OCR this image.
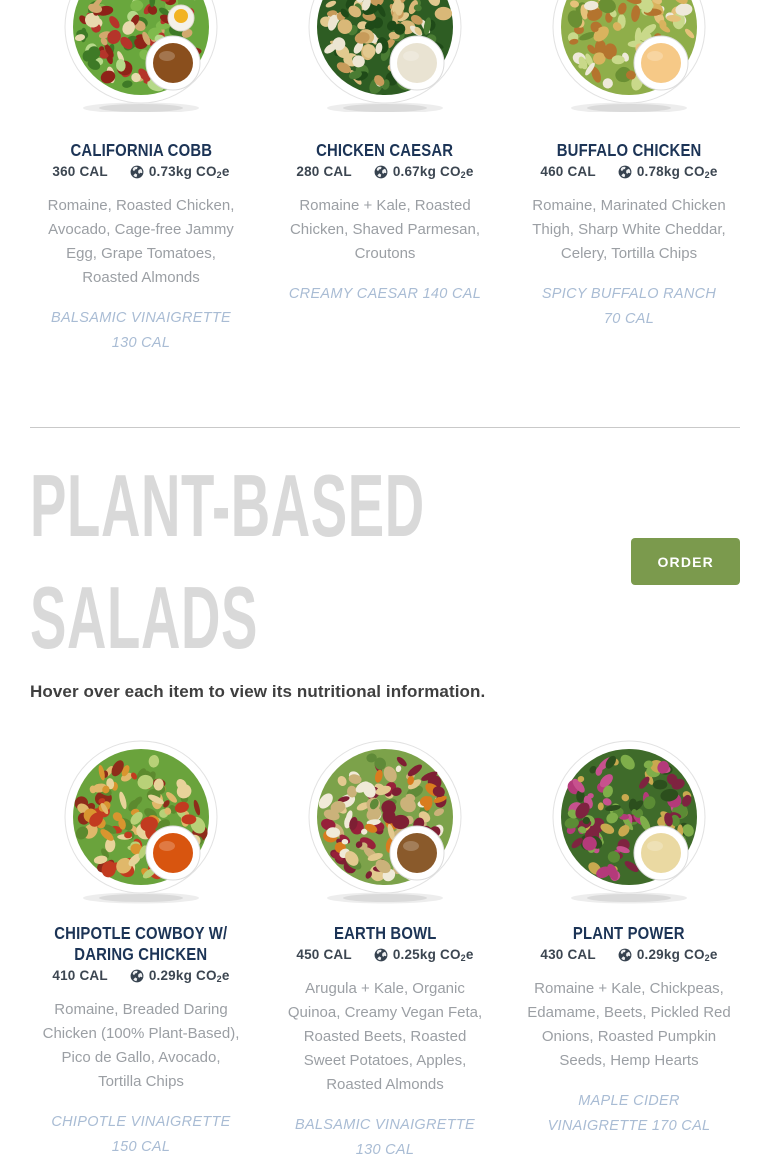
CALIFORNIA COBB
360 CAL	0.73kg $CO_2$ e
Romaine, Roasted Chicken, Avocado, Cage-free Jammy Egg, Grape Tomatoes, Roasted Almonds
BALSAMIC VINAIGRETTE 130 CAL
CHICKEN CAESAR
280 CAL	0.67kg $CO_2$ e
Romaine + Kale, Roasted Chicken, Shaved Parmesan, Croutons
CREAMY CAESAR 140 CAL
BUFFALO CHICKEN
460 CAL	0.78kg $CO_2$ e
Romaine, Marinated Chicken Thigh, Sharp White Cheddar, Celery, Tortilla Chips
SPICY BUFFALO RANCH 70 CAL
PLANT-BASED
SALADS
ORDER
Hover over each item to view its nutritional information.
CHIPOTLE COWBOY W/
DARING CHICKEN
410 CAL	0.29kg $CO_2$ e
Romaine, Breaded Daring Chicken (100% Plant-Based), Pico de Gallo, Avocado, Tortilla Chips
CHIPOTLE VINAIGRETTE 150 CAL
EARTH BOWL
450 CAL	0.25kg $CO_2$ e
Arugula + Kale, Organic Quinoa, Creamy Vegan Feta, Roasted Beets, Roasted Sweet Potatoes, Apples, Roasted Almonds
BALSAMIC VINAIGRETTE 130 CAL
PLANT POWER
430 CAL	0.29kg $CO_2$ e
Romaine + Kale, Chickpeas, Edamame, Beets, Pickled Red Onions, Roasted Pumpkin Seeds, Hemp Hearts
MAPLE CIDER VINAIGRETTE 170 CAL
